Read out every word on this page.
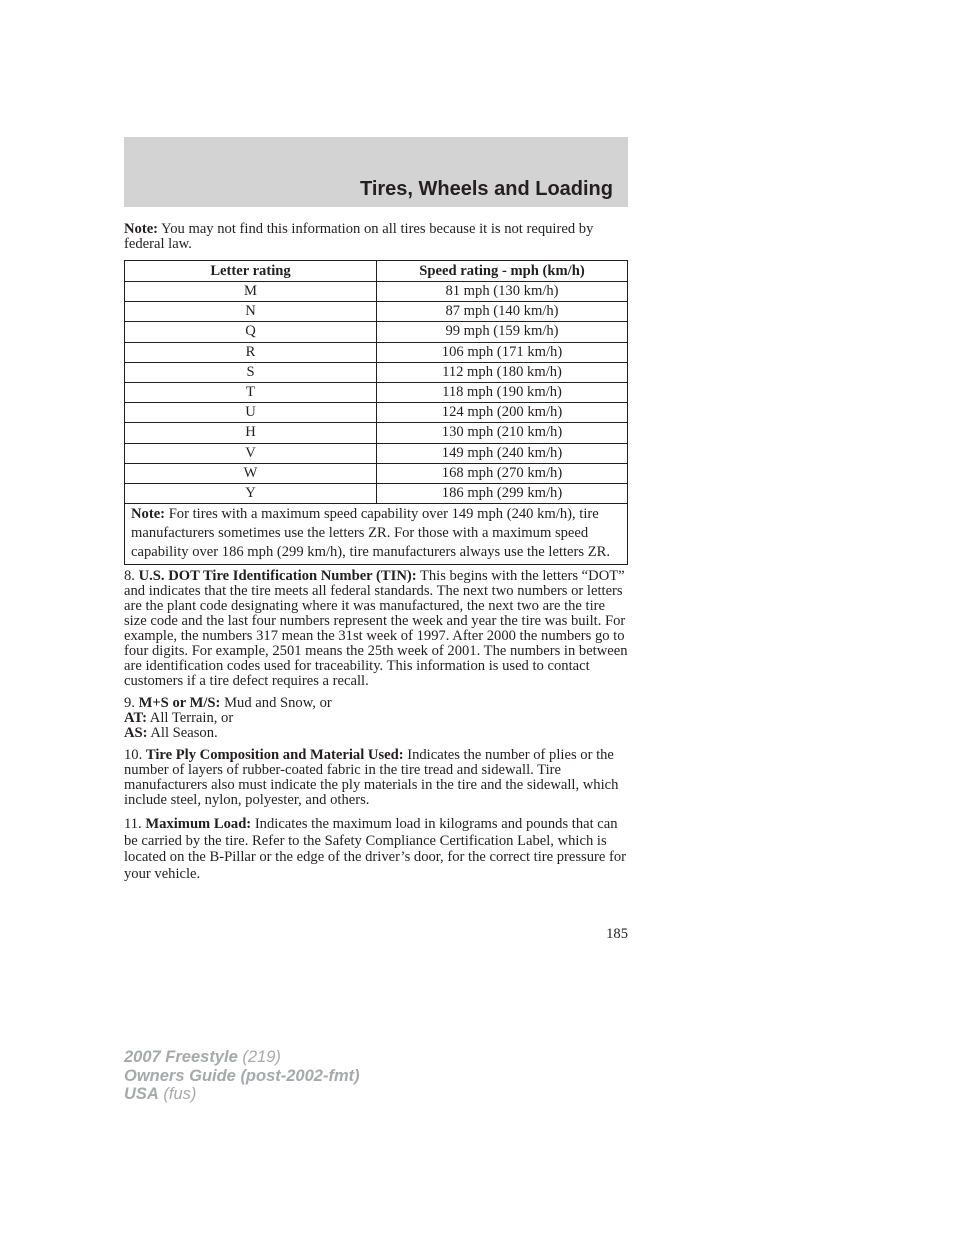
Tires, Wheels and Loading

Note: You may not find this information on all tires because it is not required by federal law.

Letter rating	Speed rating - mph (km/h)
M	81 mph (130 km/h)
N	87 mph (140 km/h)
Q	99 mph (159 km/h)
R	106 mph (171 km/h)
S	112 mph (180 km/h)
T	118 mph (190 km/h)
U	124 mph (200 km/h)
H	130 mph (210 km/h)
V	149 mph (240 km/h)
W	168 mph (270 km/h)
Y	186 mph (299 km/h)
Note: For tires with a maximum speed capability over 149 mph (240 km/h), tire manufacturers sometimes use the letters ZR. For those with a maximum speed capability over 186 mph (299 km/h), tire manufacturers always use the letters ZR.	

8. U.S. DOT Tire Identification Number (TIN): This begins with the letters “DOT” and indicates that the tire meets all federal standards. The next two numbers or letters are the plant code designating where it was manufactured, the next two are the tire size code and the last four numbers represent the week and year the tire was built. For example, the numbers 317 mean the 31st week of 1997. After 2000 the numbers go to four digits. For example, 2501 means the 25th week of 2001. The numbers in between are identification codes used for traceability. This information is used to contact customers if a tire defect requires a recall.

9. M+S or M/S: Mud and Snow, or
AT: All Terrain, or
AS: All Season.

10. Tire Ply Composition and Material Used: Indicates the number of plies or the number of layers of rubber-coated fabric in the tire tread and sidewall. Tire manufacturers also must indicate the ply materials in the tire and the sidewall, which include steel, nylon, polyester, and others.

11. Maximum Load: Indicates the maximum load in kilograms and pounds that can be carried by the tire. Refer to the Safety Compliance Certification Label, which is located on the B-Pillar or the edge of the driver’s door, for the correct tire pressure for your vehicle.

185
2007 Freestyle (219)
Owners Guide (post-2002-fmt)
USA (fus)
